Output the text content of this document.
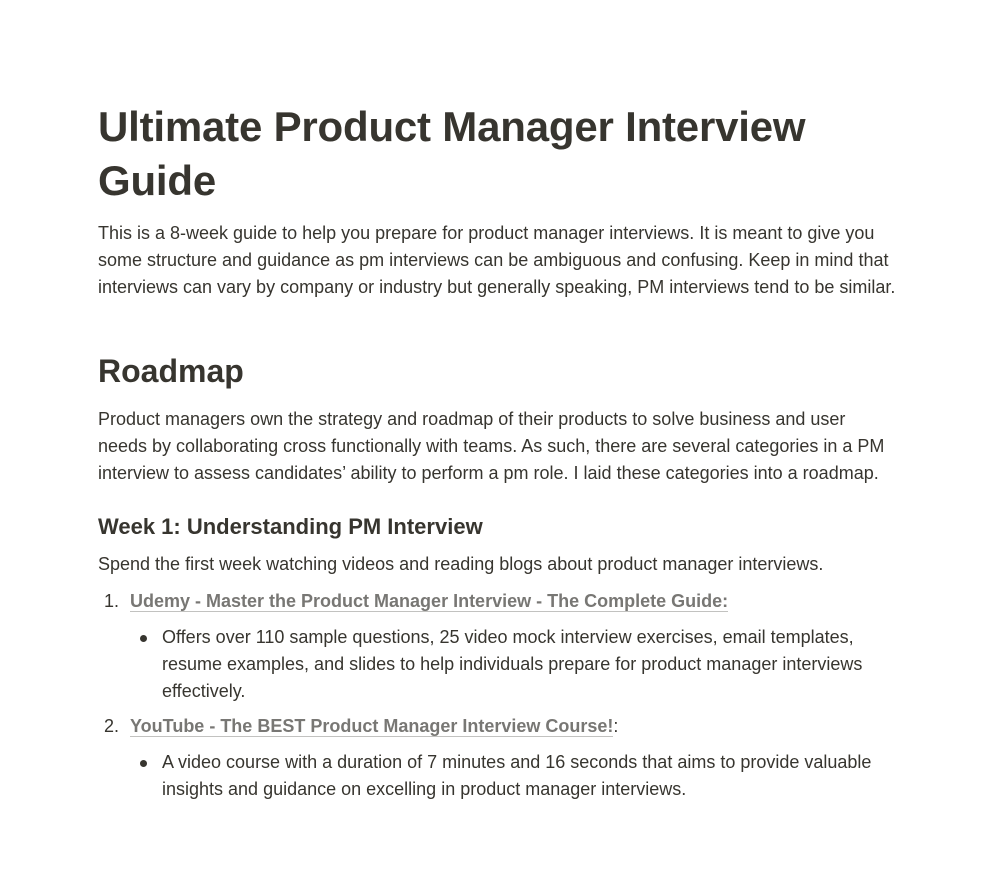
Ultimate Product Manager Interview Guide

This is a 8-week guide to help you prepare for product manager interviews. It is meant to give you some structure and guidance as pm interviews can be ambiguous and confusing. Keep in mind that interviews can vary by company or industry but generally speaking, PM interviews tend to be similar.

Roadmap

Product managers own the strategy and roadmap of their products to solve business and user needs by collaborating cross functionally with teams. As such, there are several categories in a PM interview to assess candidates’ ability to perform a pm role. I laid these categories into a roadmap.

Week 1: Understanding PM Interview

Spend the first week watching videos and reading blogs about product manager interviews.

1. Udemy - Master the Product Manager Interview - The Complete Guide:
Offers over 110 sample questions, 25 video mock interview exercises, email templates, resume examples, and slides to help individuals prepare for product manager interviews effectively.
2. YouTube - The BEST Product Manager Interview Course!:
A video course with a duration of 7 minutes and 16 seconds that aims to provide valuable insights and guidance on excelling in product manager interviews.
